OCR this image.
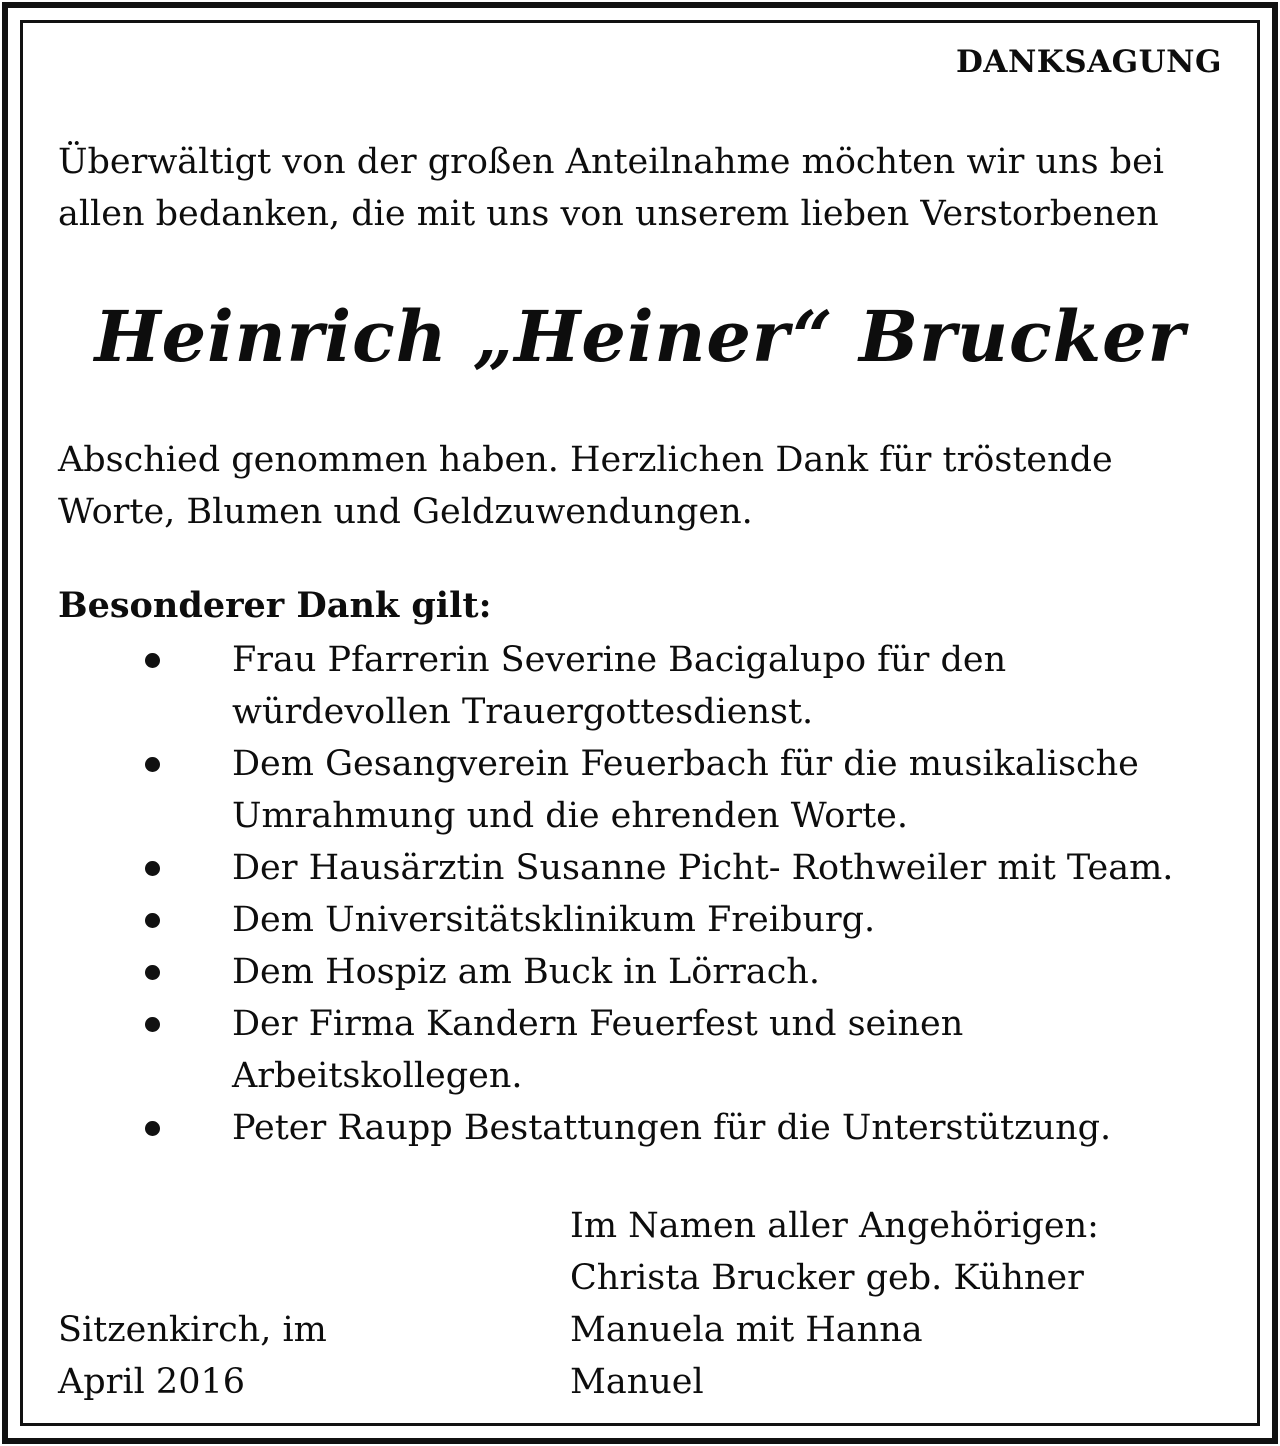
DANKSAGUNG
Überwältigt von der großen Anteilnahme möchten wir uns bei
allen bedanken, die mit uns von unserem lieben Verstorbenen
Heinrich „Heiner“ Brucker
Abschied genommen haben. Herzlichen Dank für tröstende
Worte, Blumen und Geldzuwendungen.
Besonderer Dank gilt:
Frau Pfarrerin Severine Bacigalupo für den
würdevollen Trauergottesdienst.
Dem Gesangverein Feuerbach für die musikalische
Umrahmung und die ehrenden Worte.
Der Hausärztin Susanne Picht- Rothweiler mit Team.
Dem Universitätsklinikum Freiburg.
Dem Hospiz am Buck in Lörrach.
Der Firma Kandern Feuerfest und seinen
Arbeitskollegen.
Peter Raupp Bestattungen für die Unterstützung.
Sitzenkirch, im
April 2016
Im Namen aller Angehörigen:
Christa Brucker geb. Kühner
Manuela mit Hanna
Manuel
